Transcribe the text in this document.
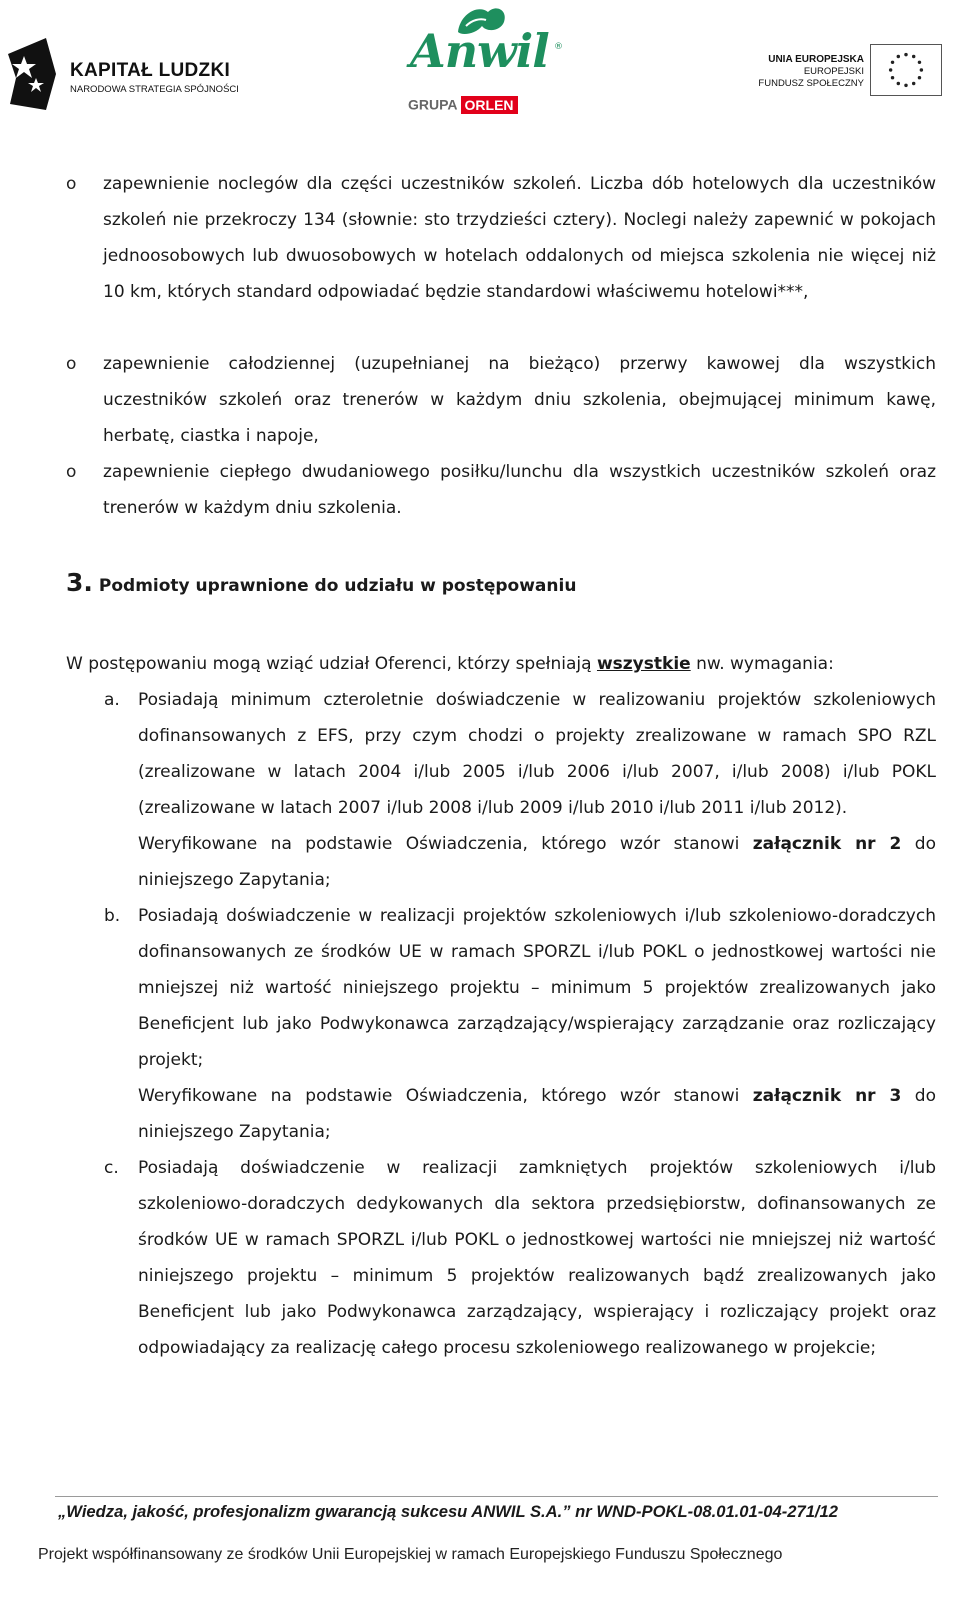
KAPITAŁ LUDZKI
NARODOWA STRATEGIA SPÓJNOŚCI
Anwil ®
GRUPA ORLEN
UNIA EUROPEJSKA
EUROPEJSKI
FUNDUSZ SPOŁECZNY
o zapewnienie noclegów dla części uczestników szkoleń. Liczba dób hotelowych dla uczestników szkoleń nie przekroczy 134 (słownie: sto trzydzieści cztery). Noclegi należy zapewnić w pokojach jednoosobowych lub dwuosobowych w hotelach oddalonych od miejsca szkolenia nie więcej niż 10 km, których standard odpowiadać będzie standardowi właściwemu hotelowi***,

o zapewnienie całodziennej (uzupełnianej na bieżąco) przerwy kawowej dla wszystkich uczestników szkoleń oraz trenerów w każdym dniu szkolenia, obejmującej minimum kawę, herbatę, ciastka i napoje,

o zapewnienie ciepłego dwudaniowego posiłku/lunchu dla wszystkich uczestników szkoleń oraz trenerów w każdym dniu szkolenia.

3. Podmioty uprawnione do udziału w postępowaniu

W postępowaniu mogą wziąć udział Oferenci, którzy spełniają wszystkie nw. wymagania:

a. Posiadają minimum czteroletnie doświadczenie w realizowaniu projektów szkoleniowych dofinansowanych z EFS, przy czym chodzi o projekty zrealizowane w ramach SPO RZL (zrealizowane w latach 2004 i/lub 2005 i/lub 2006 i/lub 2007, i/lub 2008) i/lub POKL (zrealizowane w latach 2007 i/lub 2008 i/lub 2009 i/lub 2010 i/lub 2011 i/lub 2012).

Weryfikowane na podstawie Oświadczenia, którego wzór stanowi załącznik nr 2 do niniejszego Zapytania;

b. Posiadają doświadczenie w realizacji projektów szkoleniowych i/lub szkoleniowo-doradczych dofinansowanych ze środków UE w ramach SPORZL i/lub POKL o jednostkowej wartości nie mniejszej niż wartość niniejszego projektu – minimum 5 projektów zrealizowanych jako Beneficjent lub jako Podwykonawca zarządzający/wspierający zarządzanie oraz rozliczający projekt;

Weryfikowane na podstawie Oświadczenia, którego wzór stanowi załącznik nr 3 do niniejszego Zapytania;

c. Posiadają doświadczenie w realizacji zamkniętych projektów szkoleniowych i/lub szkoleniowo-doradczych dedykowanych dla sektora przedsiębiorstw, dofinansowanych ze środków UE w ramach SPORZL i/lub POKL o jednostkowej wartości nie mniejszej niż wartość niniejszego projektu – minimum 5 projektów realizowanych bądź zrealizowanych jako Beneficjent lub jako Podwykonawca zarządzający, wspierający i rozliczający projekt oraz odpowiadający za realizację całego procesu szkoleniowego realizowanego w projekcie;

„Wiedza, jakość, profesjonalizm gwarancją sukcesu ANWIL S.A.” nr WND-POKL-08.01.01-04-271/12
Projekt współfinansowany ze środków Unii Europejskiej w ramach Europejskiego Funduszu Społecznego
